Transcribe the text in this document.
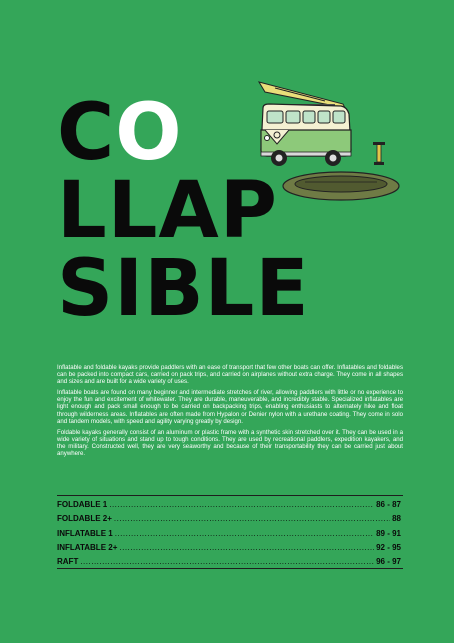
CO
LLAP
SIBLE

Inflatable and foldable kayaks provide paddlers with an ease of transport that few other boats can offer. Inflatables and foldables can be packed into compact cars, carried on pack trips, and carried on airplanes without extra charge. They come in all shapes and sizes and are built for a wide variety of uses.

Inflatable boats are found on many beginner and intermediate stretches of river, allowing paddlers with little or no experience to enjoy the fun and excitement of whitewater. They are durable, maneuverable, and incredibly stable. Specialized inflatables are light enough and pack small enough to be carried on backpacking trips, enabling enthusiasts to alternately hike and float through wilderness areas. Inflatables are often made from Hypalon or Denier nylon with a urethane coating. They come in solo and tandem models, with speed and agility varying greatly by design.

Foldable kayaks generally consist of an aluminum or plastic frame with a synthetic skin stretched over it. They can be used in a wide variety of situations and stand up to tough conditions. They are used by recreational paddlers, expedition kayakers, and the military. Constructed well, they are very seaworthy and because of their transportability they can be carried just about anywhere.

FOLDABLE 1 .....	86 - 87
FOLDABLE 2+ .....	88
INFLATABLE 1 .....	89 - 91
INFLATABLE 2+ .....	92 - 95
RAFT .....	96 - 97
